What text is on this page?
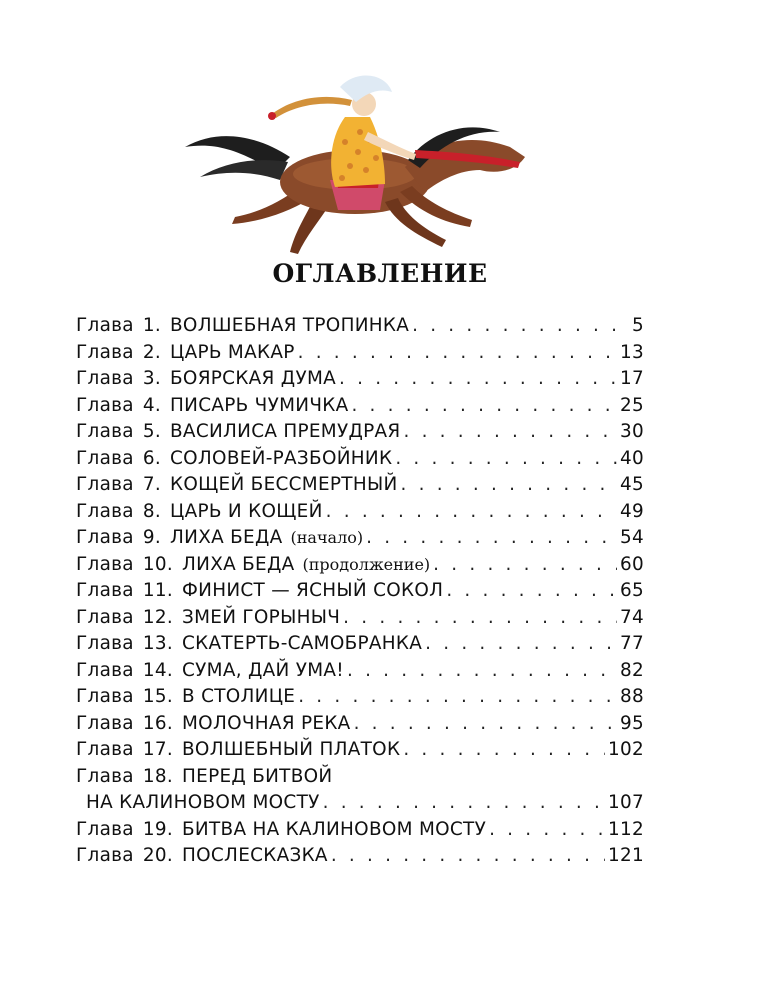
ОГЛАВЛЕНИЕ
Глава 1. ВОЛШЕБНАЯ ТРОПИНКА . . .	5
Глава 2. ЦАРЬ МАКАР . . .	13
Глава 3. БОЯРСКАЯ ДУМА . . .	17
Глава 4. ПИСАРЬ ЧУМИЧКА . . .	25
Глава 5. ВАСИЛИСА ПРЕМУДРАЯ . . .	30
Глава 6. СОЛОВЕЙ-РАЗБОЙНИК . . .	40
Глава 7. КОЩЕЙ БЕССМЕРТНЫЙ . . .	45
Глава 8. ЦАРЬ И КОЩЕЙ . . .	49
Глава 9. ЛИХА БЕДА (начало) . . .	54
Глава 10. ЛИХА БЕДА (продолжение) . . .	60
Глава 11. ФИНИСТ — ЯСНЫЙ СОКОЛ . . .	65
Глава 12. ЗМЕЙ ГОРЫНЫЧ . . .	74
Глава 13. СКАТЕРТЬ-САМОБРАНКА . . .	77
Глава 14. СУМА, ДАЙ УМА! . . .	82
Глава 15. В СТОЛИЦЕ . . .	88
Глава 16. МОЛОЧНАЯ РЕКА . . .	95
Глава 17. ВОЛШЕБНЫЙ ПЛАТОК . . .	102
Глава 18. ПЕРЕД БИТВОЙ
НА КАЛИНОВОМ МОСТУ . . .	107
Глава 19. БИТВА НА КАЛИНОВОМ МОСТУ . . .	112
Глава 20. ПОСЛЕСКАЗКА . . .	121
